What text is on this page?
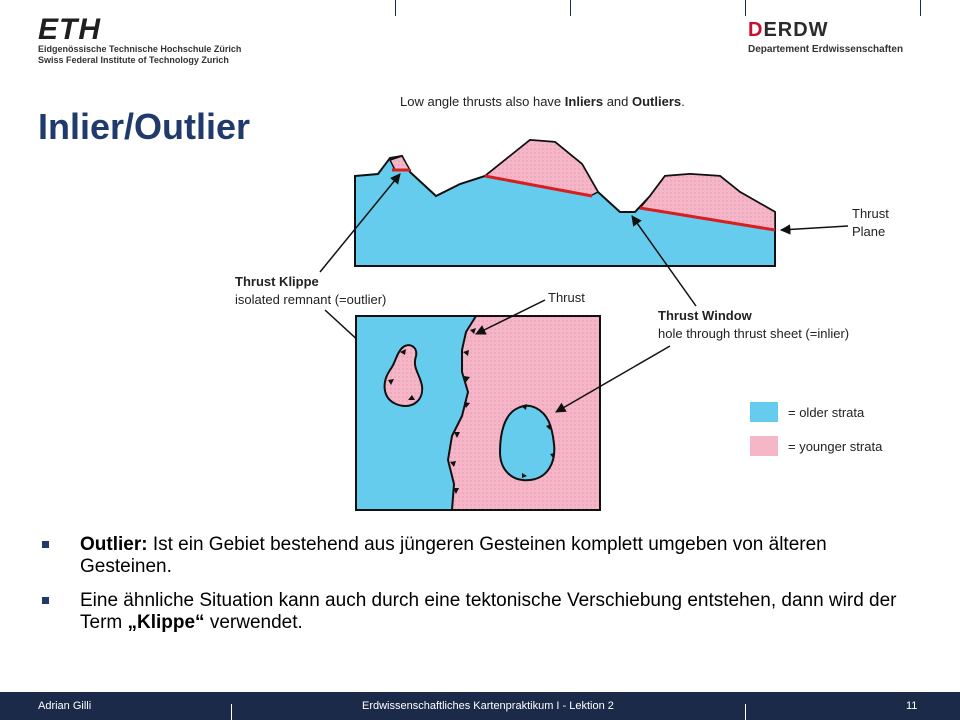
ETH
Eidgenössische Technische Hochschule Zürich
Swiss Federal Institute of Technology Zurich
DERDW
Departement Erdwissenschaften
Inlier/Outlier
Low angle thrusts also have Inliers and Outliers.
Thrust
Plane
Thrust Klippe
isolated remnant (=outlier)	Thrust
Thrust Window
hole through thrust sheet (=inlier)
= older strata
= younger strata
Outlier: Ist ein Gebiet bestehend aus jüngeren Gesteinen komplett umgeben von älteren Gesteinen.
Eine ähnliche Situation kann auch durch eine tektonische Verschiebung entstehen, dann wird der Term „Klippe“ verwendet.
Adrian Gilli	Erdwissenschaftliches Kartenpraktikum I - Lektion 2	11
